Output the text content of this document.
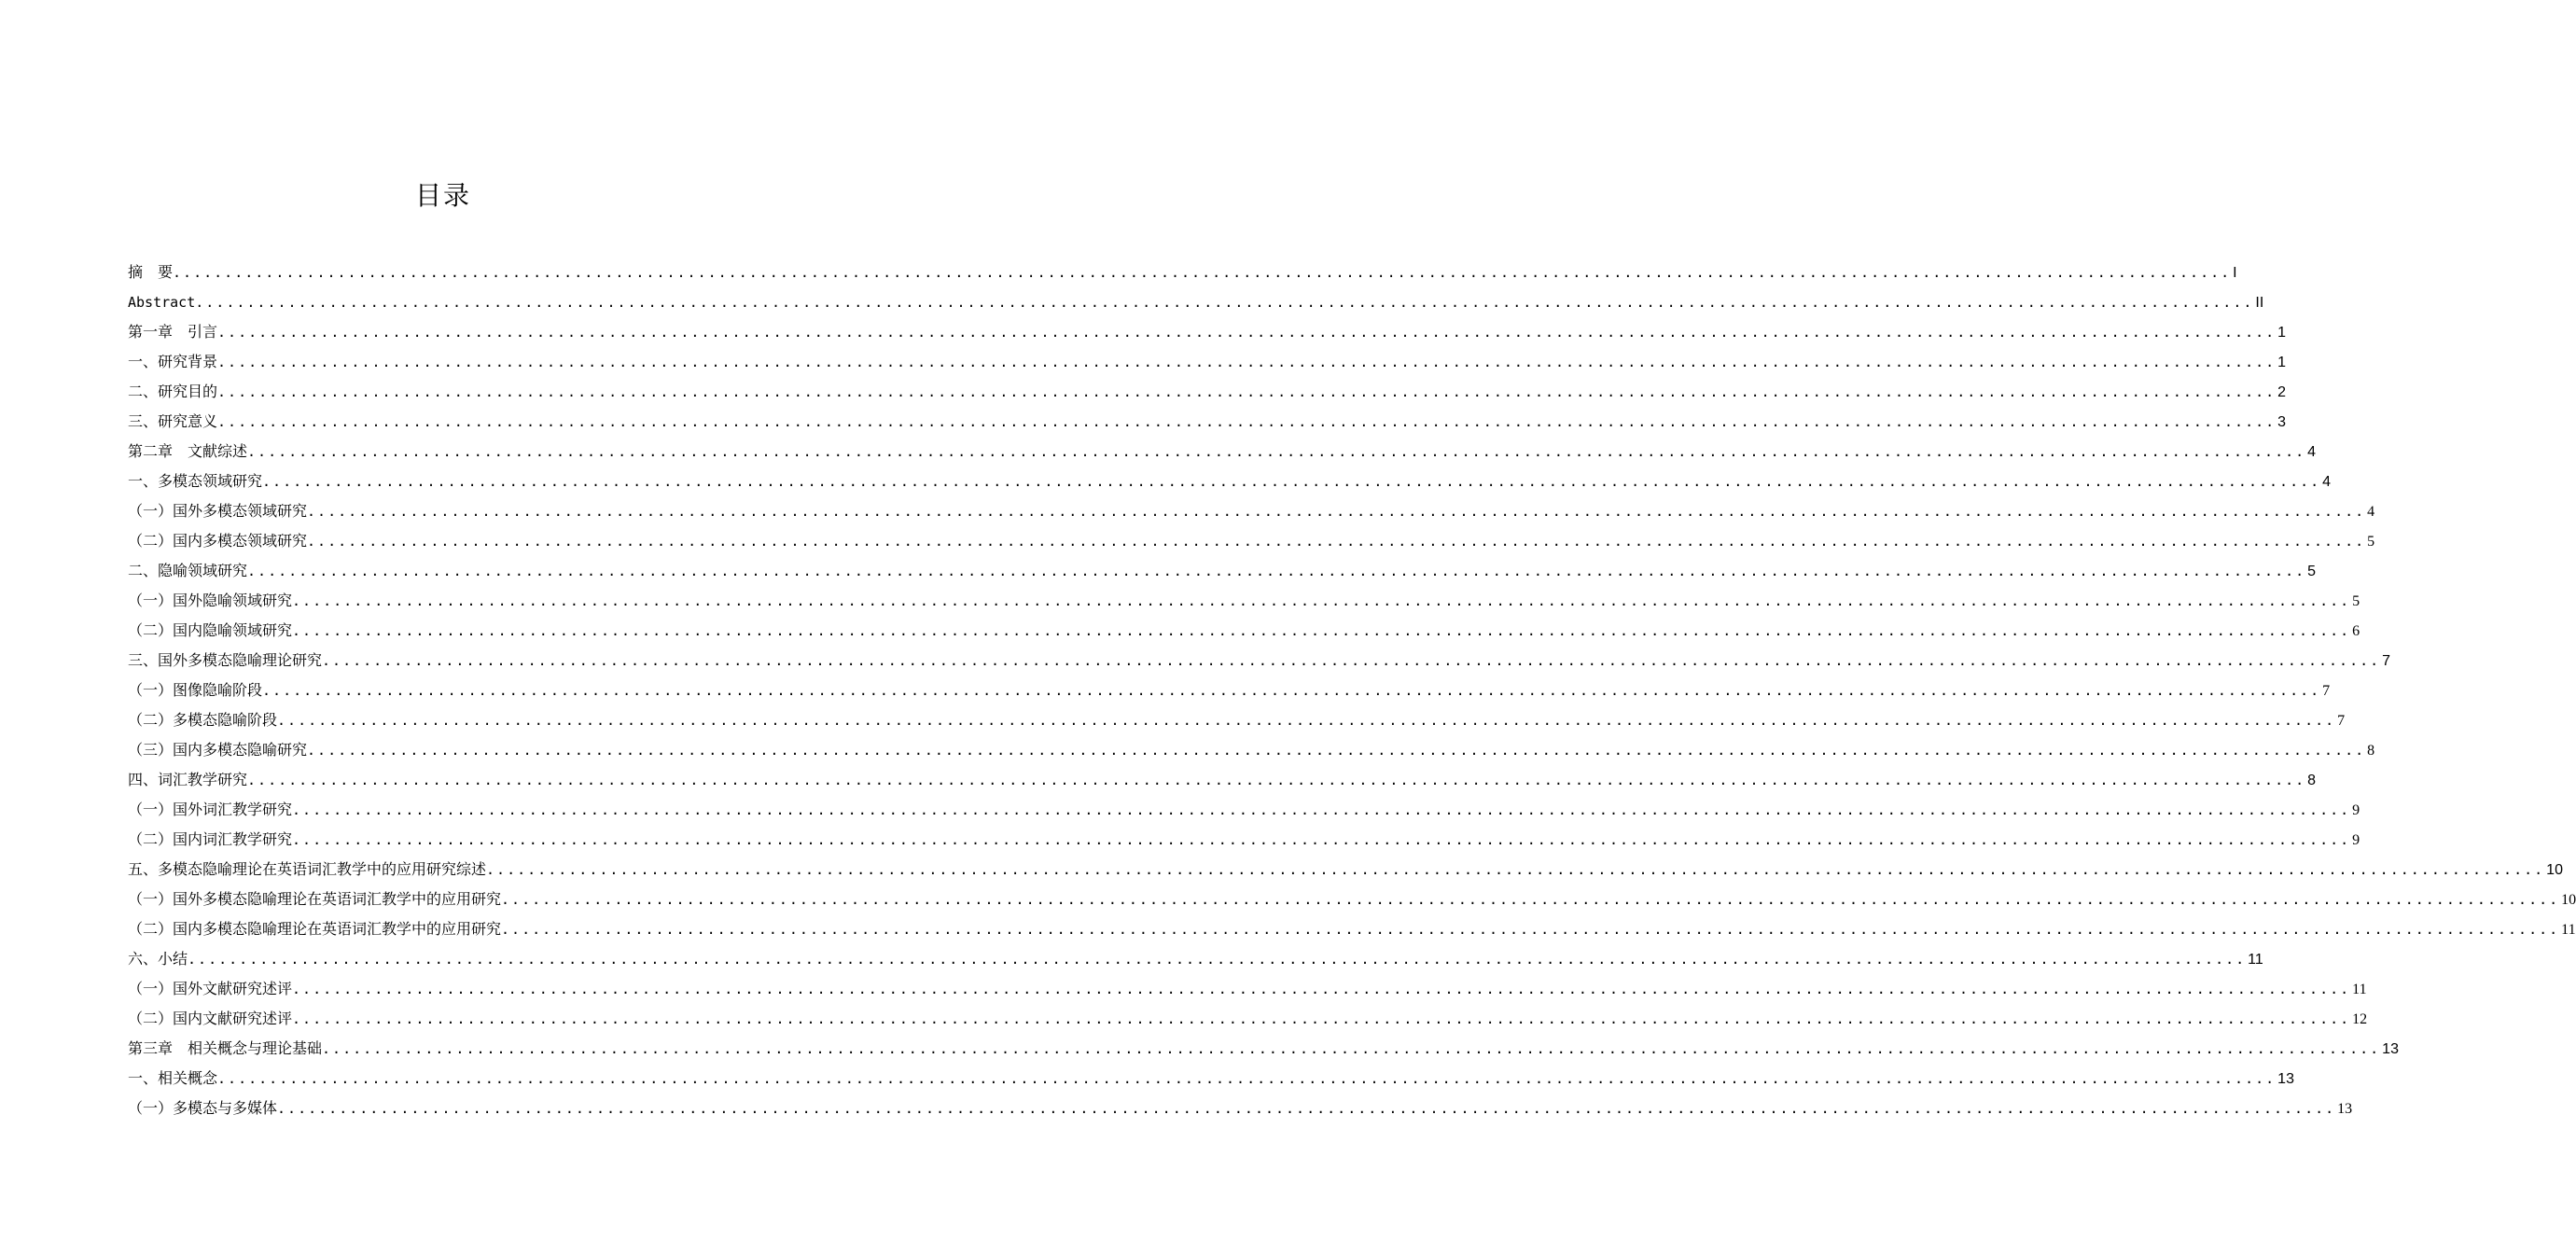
目录
摘　要 ........................................................................................................................................................................................................ I
Abstract ........................................................................................................................................................................................................ II
第一章　引言 ........................................................................................................................................................................................................ 1
一、研究背景 ........................................................................................................................................................................................................ 1
二、研究目的 ........................................................................................................................................................................................................ 2
三、研究意义 ........................................................................................................................................................................................................ 3
第二章　文献综述 ........................................................................................................................................................................................................ 4
一、多模态领域研究 ........................................................................................................................................................................................................ 4
（一）国外多模态领域研究 ........................................................................................................................................................................................................ 4
（二）国内多模态领域研究 ........................................................................................................................................................................................................ 5
二、隐喻领域研究 ........................................................................................................................................................................................................ 5
（一）国外隐喻领域研究 ........................................................................................................................................................................................................ 5
（二）国内隐喻领域研究 ........................................................................................................................................................................................................ 6
三、国外多模态隐喻理论研究 ........................................................................................................................................................................................................ 7
（一）图像隐喻阶段 ........................................................................................................................................................................................................ 7
（二）多模态隐喻阶段 ........................................................................................................................................................................................................ 7
（三）国内多模态隐喻研究 ........................................................................................................................................................................................................ 8
四、词汇教学研究 ........................................................................................................................................................................................................ 8
（一）国外词汇教学研究 ........................................................................................................................................................................................................ 9
（二）国内词汇教学研究 ........................................................................................................................................................................................................ 9
五、多模态隐喻理论在英语词汇教学中的应用研究综述 ........................................................................................................................................................................................................ 10
（一）国外多模态隐喻理论在英语词汇教学中的应用研究 ........................................................................................................................................................................................................ 10
（二）国内多模态隐喻理论在英语词汇教学中的应用研究 ........................................................................................................................................................................................................ 11
六、小结 ........................................................................................................................................................................................................ 11
（一）国外文献研究述评 ........................................................................................................................................................................................................ 11
（二）国内文献研究述评 ........................................................................................................................................................................................................ 12
第三章　相关概念与理论基础 ........................................................................................................................................................................................................ 13
一、相关概念 ........................................................................................................................................................................................................ 13
（一）多模态与多媒体 ........................................................................................................................................................................................................ 13
